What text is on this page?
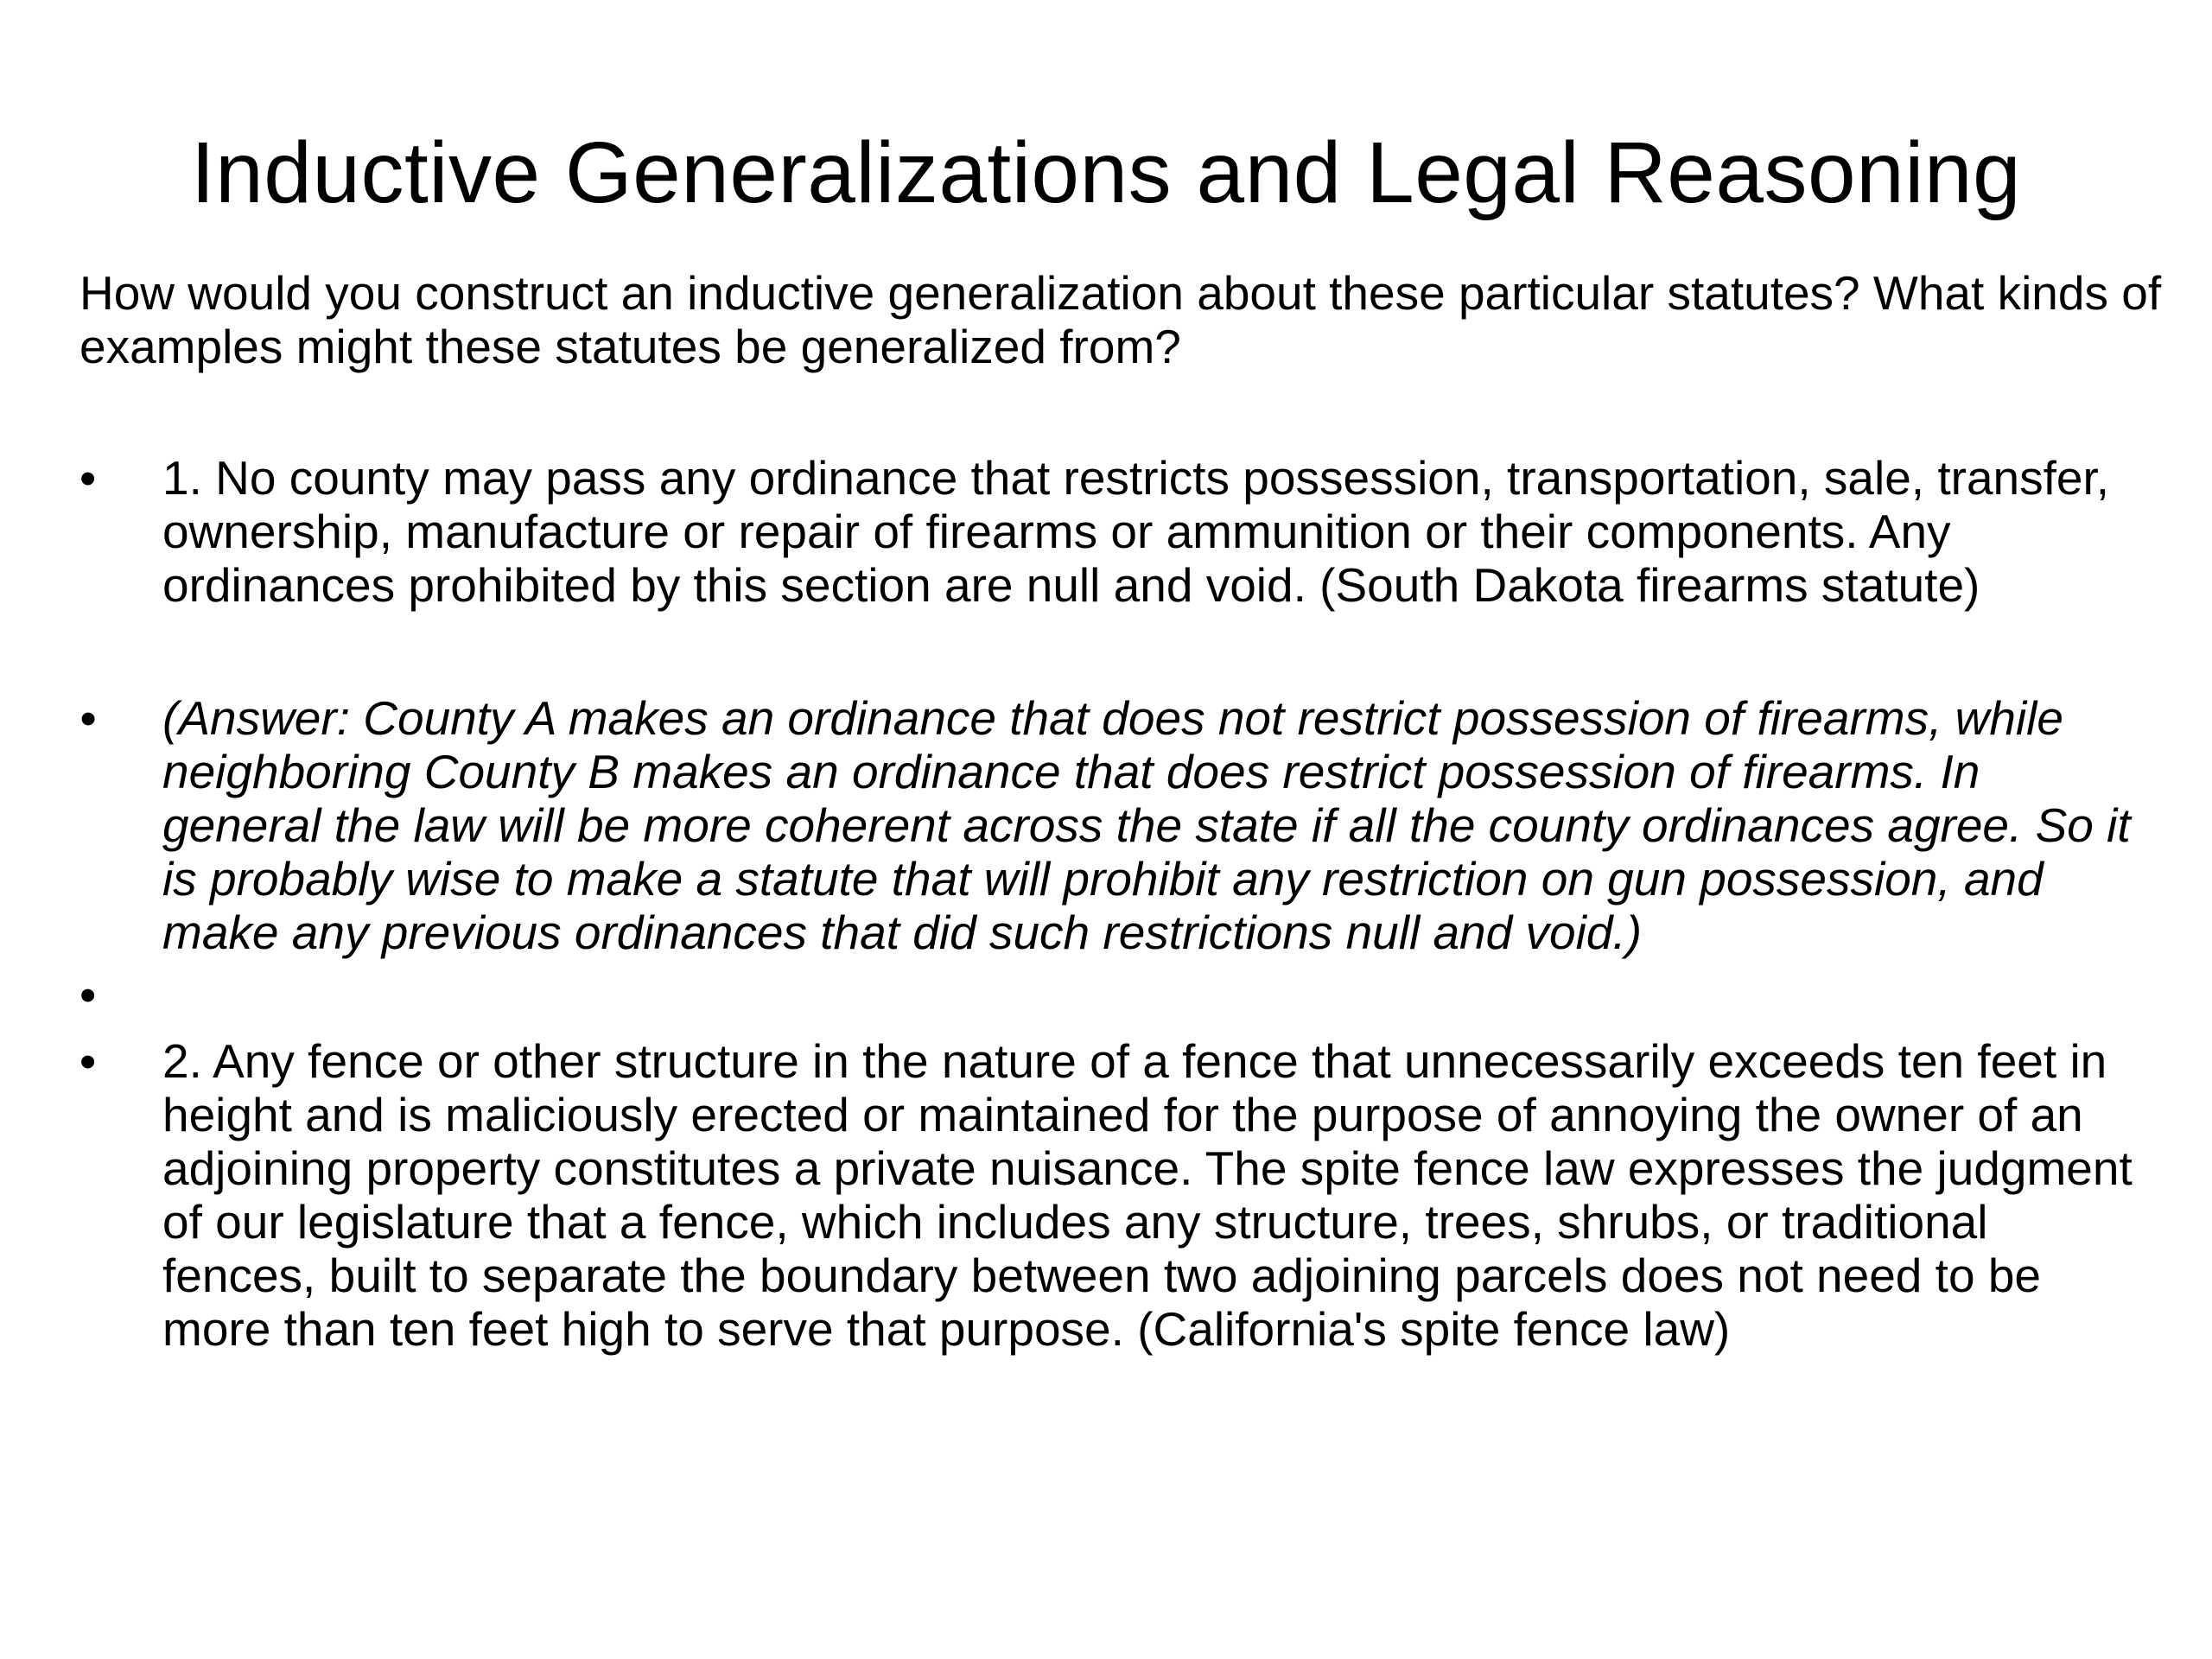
Inductive Generalizations and Legal Reasoning

How would you construct an inductive generalization about these particular statutes? What kinds of examples might these statutes be generalized from?

• 1. No county may pass any ordinance that restricts possession, transportation, sale, transfer, ownership, manufacture or repair of firearms or ammunition or their components. Any ordinances prohibited by this section are null and void. (South Dakota firearms statute)
• (Answer: County A makes an ordinance that does not restrict possession of firearms, while neighboring County B makes an ordinance that does restrict possession of firearms. In general the law will be more coherent across the state if all the county ordinances agree. So it is probably wise to make a statute that will prohibit any restriction on gun possession, and make any previous ordinances that did such restrictions null and void.)
•
• 2. Any fence or other structure in the nature of a fence that unnecessarily exceeds ten feet in height and is maliciously erected or maintained for the purpose of annoying the owner of an adjoining property constitutes a private nuisance. The spite fence law expresses the judgment of our legislature that a fence, which includes any structure, trees, shrubs, or traditional fences, built to separate the boundary between two adjoining parcels does not need to be more than ten feet high to serve that purpose. (California's spite fence law)
